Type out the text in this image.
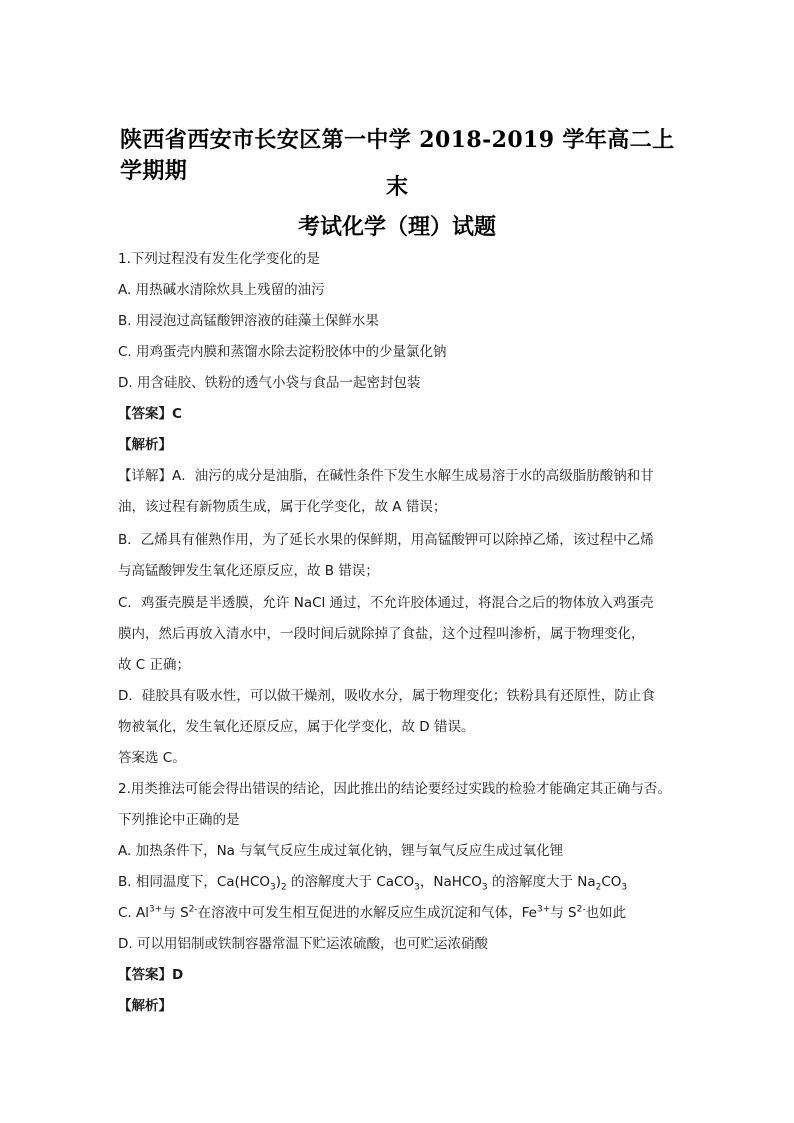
陕西省西安市长安区第一中学 2018-2019 学年高二上学期期
末
考试化学（理）试题
1.下列过程没有发生化学变化的是
A. 用热碱水清除炊具上残留的油污
B. 用浸泡过高锰酸钾溶液的硅藻土保鲜水果
C. 用鸡蛋壳内膜和蒸馏水除去淀粉胶体中的少量氯化钠
D. 用含硅胶、铁粉的透气小袋与食品一起密封包装
【答案】C
【解析】
【详解】A．油污的成分是油脂，在碱性条件下发生水解生成易溶于水的高级脂肪酸钠和甘
油，该过程有新物质生成，属于化学变化，故 A 错误；
B．乙烯具有催熟作用，为了延长水果的保鲜期，用高锰酸钾可以除掉乙烯，该过程中乙烯
与高锰酸钾发生氧化还原反应，故 B 错误；
C．鸡蛋壳膜是半透膜，允许 NaCl 通过，不允许胶体通过，将混合之后的物体放入鸡蛋壳
膜内，然后再放入清水中，一段时间后就除掉了食盐，这个过程叫渗析，属于物理变化，
故 C 正确；
D．硅胶具有吸水性，可以做干燥剂，吸收水分，属于物理变化；铁粉具有还原性，防止食
物被氧化，发生氧化还原反应，属于化学变化，故 D 错误。
答案选 C。
2.用类推法可能会得出错误的结论，因此推出的结论要经过实践的检验才能确定其正确与否。
下列推论中正确的是
A. 加热条件下，Na 与氧气反应生成过氧化钠，锂与氧气反应生成过氧化锂
B. 相同温度下，$Ca(HCO_3)_2$ 的溶解度大于 CaCO$_3$，NaHCO$_3$ 的溶解度大于 $Na_2CO_3$
C. $Al^{3+}$与 $S^{2-}$在溶液中可发生相互促进的水解反应生成沉淀和气体，$Fe^{3+}$与 $S^{2-}$也如此
D. 可以用铝制或铁制容器常温下贮运浓硫酸，也可贮运浓硝酸
【答案】D
【解析】
